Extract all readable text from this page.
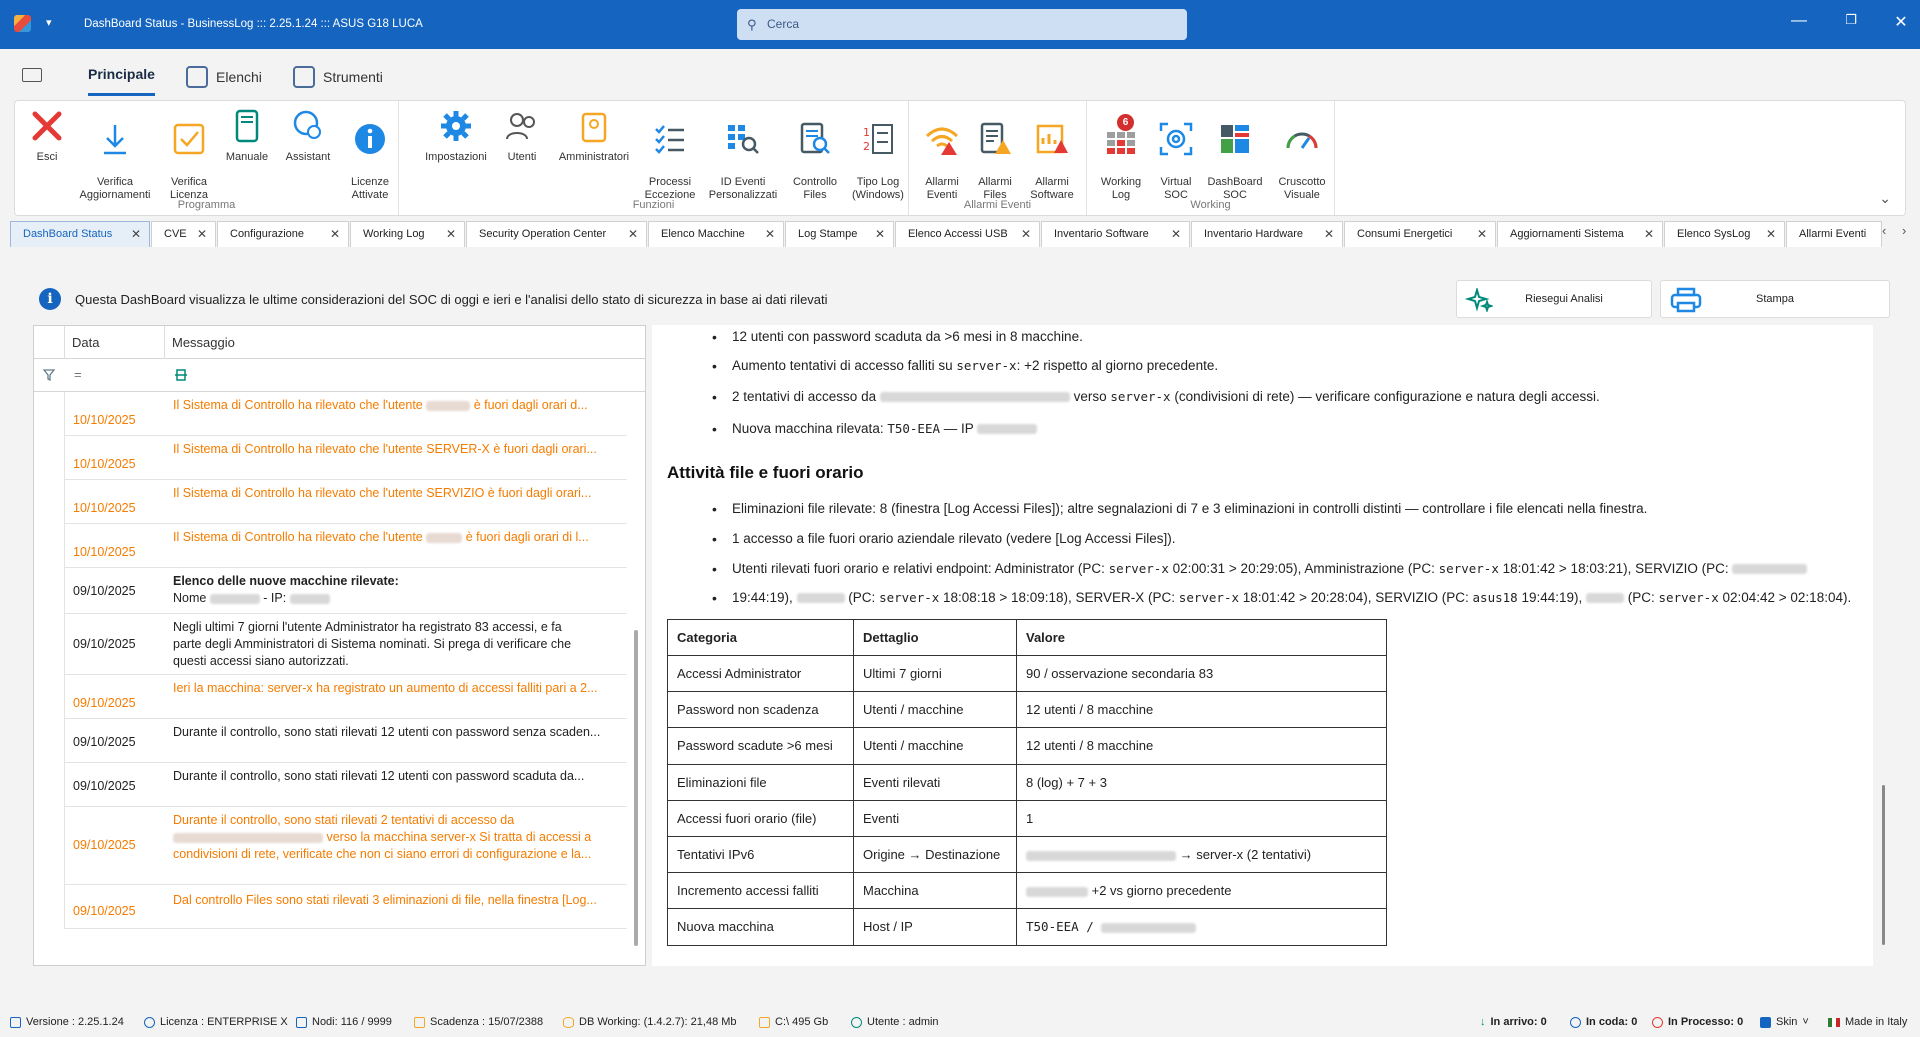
▾	DashBoard Status - BusinessLog ::: 2.25.1.24 ::: ASUS G18 LUCA	⚲ Cerca	—	❐	✕
Principale	Elenchi	Strumenti
Esci

Verifica
Aggiornamenti

Verifica
Licenza
Manuale	Assistant

Licenze
Attivate
Programma
Impostazioni	Utenti	Amministratori

Processi
Eccezione

ID Eventi
Personalizzati

Controllo
Files

1
2

Tipo Log
(Windows)
Funzioni

Allarmi
Eventi

Allarmi
Files

Allarmi
Software
Allarmi Eventi

6

Working
Log

Virtual
SOC

DashBoard
SOC

Cruscotto
Visuale
Working	⌄
DashBoard Status ✕	CVE ✕	Configurazione ✕	Working Log ✕	Security Operation Center ✕	Elenco Macchine ✕	Log Stampe ✕	Elenco Accessi USB ✕	Inventario Software ✕	Inventario Hardware ✕	Consumi Energetici ✕	Aggiornamenti Sistema ✕	Elenco SysLog ✕	Allarmi Eventi	‹ ›
i	Questa DashBoard visualizza le ultime considerazioni del SOC di oggi e ieri e l'analisi dello stato di sicurezza in base ai dati rilevati	Riesegui Analisi	Stampa
Data	Messaggio
=
10/10/2025
Il Sistema di Controllo ha rilevato che l'utente	è fuori dagli orari d...
10/10/2025
Il Sistema di Controllo ha rilevato che l'utente SERVER-X è fuori dagli orari...
10/10/2025
Il Sistema di Controllo ha rilevato che l'utente SERVIZIO è fuori dagli orari...
10/10/2025
Il Sistema di Controllo ha rilevato che l'utente	è fuori dagli orari di l...
09/10/2025
Elenco delle nuove macchine rilevate:
Nome	- IP:
09/10/2025
Negli ultimi 7 giorni l'utente Administrator ha registrato 83 accessi, e fa
parte degli Amministratori di Sistema nominati. Si prega di verificare che
questi accessi siano autorizzati.
09/10/2025
Ieri la macchina: server-x ha registrato un aumento di accessi falliti pari a 2...
09/10/2025
Durante il controllo, sono stati rilevati 12 utenti con password senza scaden...
09/10/2025
Durante il controllo, sono stati rilevati 12 utenti con password scaduta da...
09/10/2025
Durante il controllo, sono stati rilevati 2 tentativi di accesso da
verso la macchina server-x Si tratta di accessi a
condivisioni di rete, verificate che non ci siano errori di configurazione e la...
09/10/2025
Dal controllo Files sono stati rilevati 3 eliminazioni di file, nella finestra [Log...
• 12 utenti con password scaduta da >6 mesi in 8 macchine.
• Aumento tentativi di accesso falliti su server-x: +2 rispetto al giorno precedente.
• 2 tentativi di accesso da	verso server-x (condivisioni di rete) — verificare configurazione e natura degli accessi.
• Nuova macchina rilevata: T50-EEA — IP
Attività file e fuori orario
• Eliminazioni file rilevate: 8 (finestra [Log Accessi Files]); altre segnalazioni di 7 e 3 eliminazioni in controlli distinti — controllare i file elencati nella finestra.
• 1 accesso a file fuori orario aziendale rilevato (vedere [Log Accessi Files]).
• Utenti rilevati fuori orario e relativi endpoint: Administrator (PC: server-x 02:00:31 > 20:29:05), Amministrazione (PC: server-x 18:01:42 > 18:03:21), SERVIZIO (PC:
• 19:44:19),	(PC: server-x 18:08:18 > 18:09:18), SERVER-X (PC: server-x 18:01:42 > 20:28:04), SERVIZIO (PC: asus18 19:44:19),	(PC: server-x 02:04:42 > 02:18:04).
Categoria	Dettaglio	Valore
Accessi Administrator	Ultimi 7 giorni	90 / osservazione secondaria 83
Password non scadenza	Utenti / macchine	12 utenti / 8 macchine
Password scadute >6 mesi	Utenti / macchine	12 utenti / 8 macchine
Eliminazioni file	Eventi rilevati	8 (log) + 7 + 3
Accessi fuori orario (file)	Eventi	1
Tentativi IPv6	Origine → Destinazione	→ server-x (2 tentativi)
Incremento accessi falliti	Macchina	+2 vs giorno precedente
Nuova macchina	Host / IP	T50-EEA /
Versione : 2.25.1.24	Licenza : ENTERPRISE X Nodi: 116 / 9999	Scadenza : 15/07/2388	DB Working: (1.4.2.7): 21,48 Mb	C:\ 495 Gb	Utente : admin	↓ In arrivo: 0	In coda: 0	In Processo: 0	Skin ˅	Made in Italy
